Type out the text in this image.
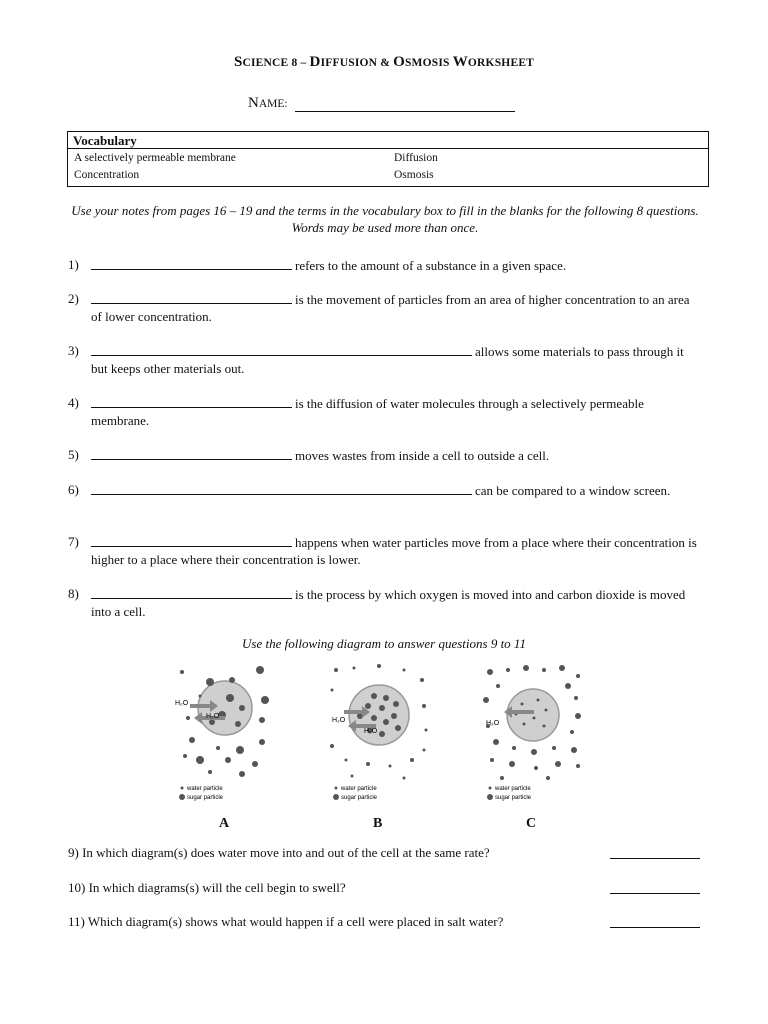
SCIENCE 8 – DIFFUSION & OSMOSIS WORKSHEET
NAME:
Vocabulary
A selectively permeable membrane	Diffusion
Concentration	Osmosis
Use your notes from pages 16 – 19 and the terms in the vocabulary box to fill in the blanks for the following 8 questions. Words may be used more than once.
1)	refers to the amount of a substance in a given space.
2)	is the movement of particles from an area of higher concentration to an area of lower concentration.
3)	allows some materials to pass through it but keeps other materials out.
4)	is the diffusion of water molecules through a selectively permeable membrane.
5)	moves wastes from inside a cell to outside a cell.
6)	can be compared to a window screen.
7)	happens when water particles move from a place where their concentration is higher to a place where their concentration is lower.
8)	is the process by which oxygen is moved into and carbon dioxide is moved into a cell.
Use the following diagram to answer questions 9 to 11
H₂O
H₂O
water particle
sugar particle
H₂O
H₂O
water particle
sugar particle
H₂O
water particle
sugar particle
A	B	C
9) In which diagram(s) does water move into and out of the cell at the same rate?
10) In which diagrams(s) will the cell begin to swell?
11) Which diagram(s) shows what would happen if a cell were placed in salt water?
